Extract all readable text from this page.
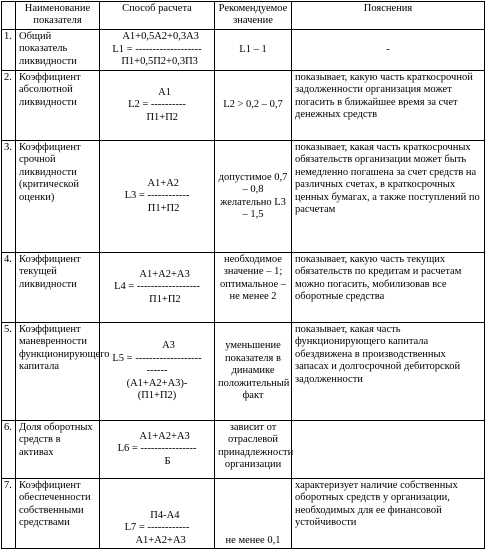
	Наименование показателя	Способ расчета	Рекомендуемое значение	Пояснения
1.	Общий показатель ликвидности	A1+0,5A2+0,3A3
L1 = -------------------
П1+0,5П2+0,3П3	L1 – 1	-
2.	Коэффициент абсолютной ликвидности	A1
L2 = ----------
П1+П2	L2 > 0,2 – 0,7	показывает, какую часть краткосрочной задолженности организация может погасить в ближайшее время за счет денежных средств
3.	Коэффициент срочной ликвидности (критической оценки)	A1+A2
L3 = ------------
П1+П2	допустимое 0,7 – 0,8 желательно L3 – 1,5	показывает, какая часть краткосрочных обязательств организации может быть немедленно погашена за счет средств на различных счетах, в краткосрочных ценных бумагах, а также поступлений по расчетам
4.	Коэффициент текущей ликвидности	A1+A2+A3
L4 = ------------------
П1+П2	необходимое значение – 1; оптимальное – не менее 2	показывает, какую часть текущих обязательств по кредитам и расчетам можно погасить, мобилизовав все оборотные средства
5.	Коэффициент маневренности функционирующего капитала	A3
L5 = -------------------
------
(A1+A2+A3)-
(П1+П2)	уменьшение показателя в динамике положительный факт	показывает, какая часть функционирующего капитала обездвижена в производственных запасах и долгосрочной дебиторской задолженности
6.	Доля оборотных средств в активах	A1+A2+A3
L6 = ----------------
Б	зависит от отраслевой принадлежности организации	
7.	Коэффициент обеспеченности собственными средствами	П4-A4
L7 = ------------
A1+A2+A3	не менее 0,1	характеризует наличие собственных оборотных средств у организации, необходимых для ее финансовой устойчивости
